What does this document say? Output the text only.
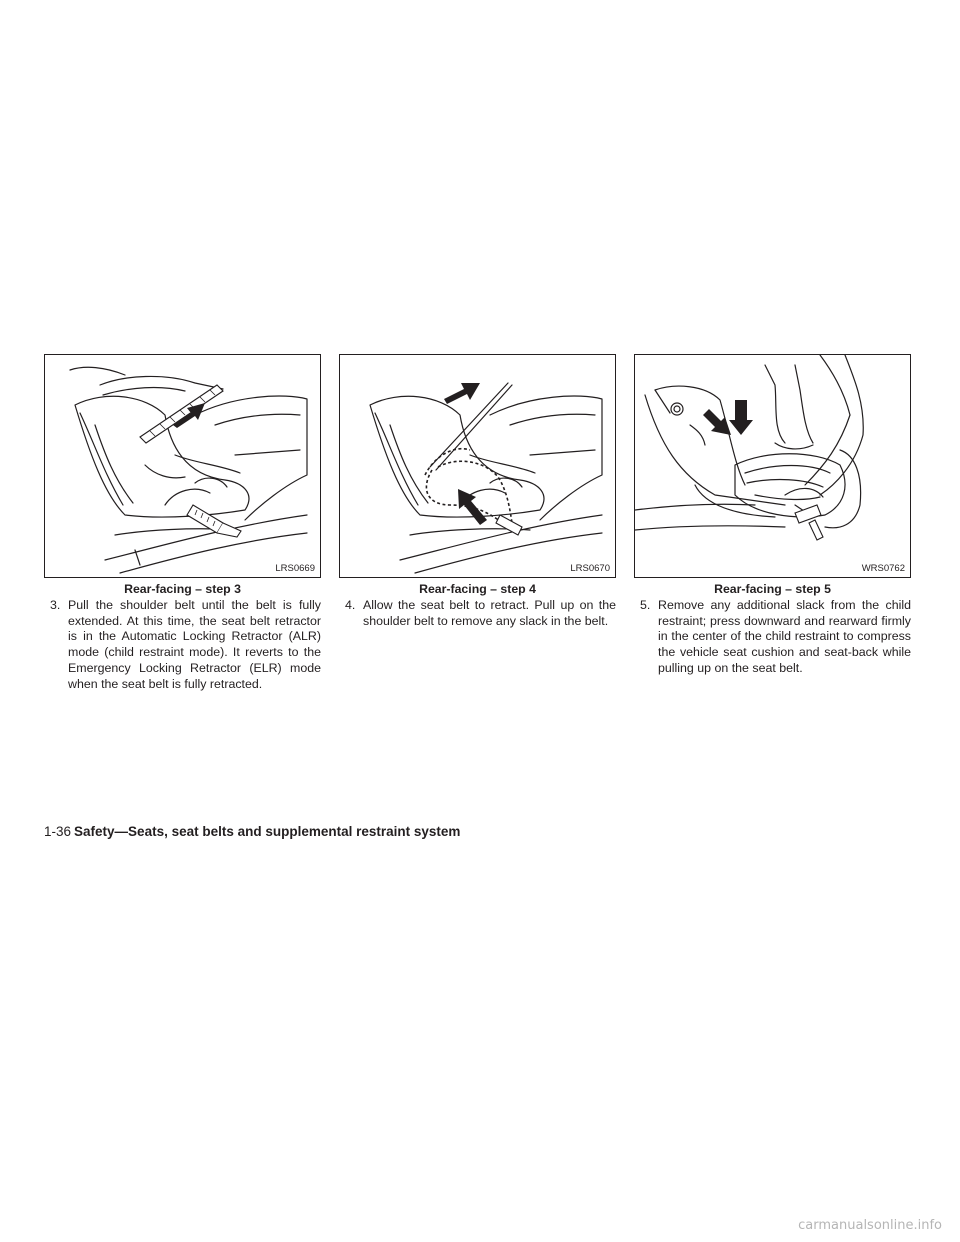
LRS0669
Rear-facing – step 3
3. Pull the shoulder belt until the belt is fully extended. At this time, the seat belt retractor is in the Automatic Locking Retractor (ALR) mode (child restraint mode). It reverts to the Emergency Locking Retractor (ELR) mode when the seat belt is fully retracted.
LRS0670
Rear-facing – step 4
4. Allow the seat belt to retract. Pull up on the shoulder belt to remove any slack in the belt.
WRS0762
Rear-facing – step 5
5. Remove any additional slack from the child restraint; press downward and rearward firmly in the center of the child restraint to compress the vehicle seat cushion and seat-back while pulling up on the seat belt.
1-36 Safety—Seats, seat belts and supplemental restraint system
carmanualsonline.info
